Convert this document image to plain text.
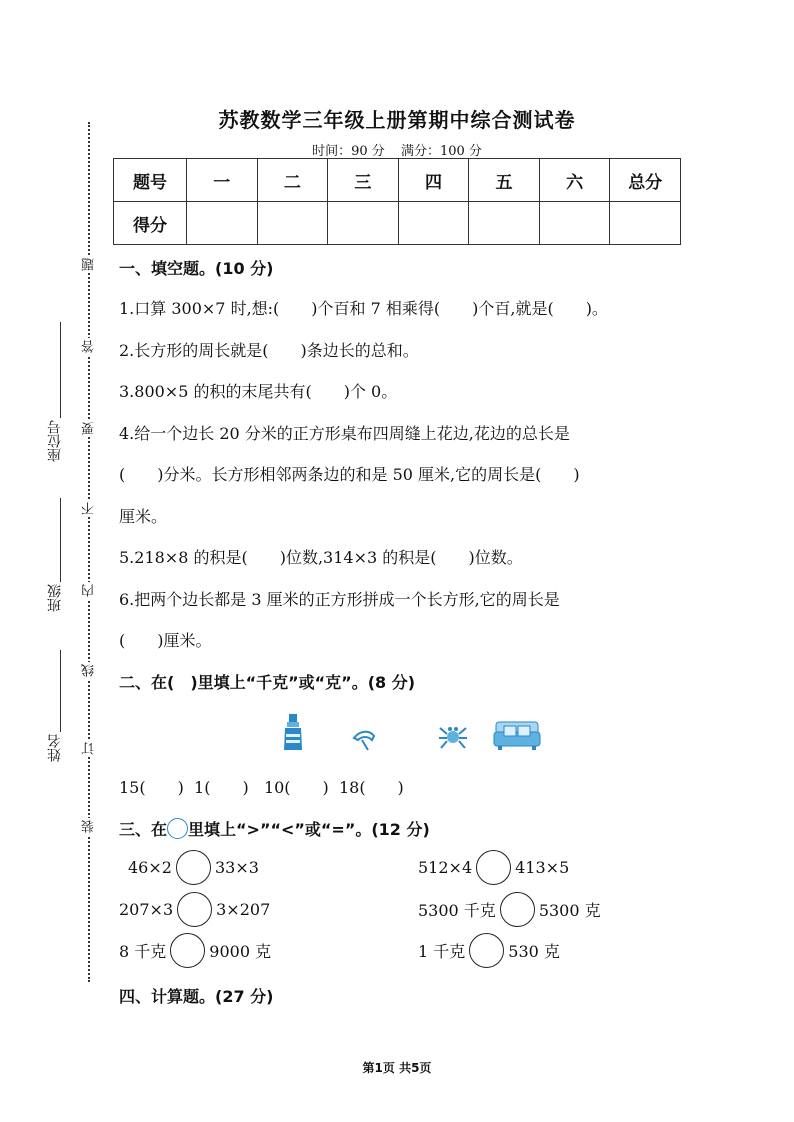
题
答
要
不
内
线
订
装
座位号
班级
姓名
苏教数学三年级上册第期中综合测试卷
时间：90 分 满分：100 分
题号	一	二	三	四	五	六	总分
得分							
一、填空题。(10 分)
1.口算 300×7 时,想:(　　)个百和 7 相乘得(　　)个百,就是(　　)。
2.长方形的周长就是(　　)条边长的总和。
3.800×5 的积的末尾共有(　　)个 0。
4.给一个边长 20 分米的正方形桌布四周缝上花边,花边的总长是
(　　)分米。长方形相邻两条边的和是 50 厘米,它的周长是(　　)
厘米。
5.218×8 的积是(　　)位数,314×3 的积是(　　)位数。
6.把两个边长都是 3 厘米的正方形拼成一个长方形,它的周长是
(　　)厘米。
二、在(　)里填上“千克”或“克”。(8 分)
15(　　)  1(　　)   10(　　)  18(　　)
三、在 里填上“>”“<”或“=”。(12 分)
46×2	33×3	512×4	413×5
207×3	3×207	5300 千克	5300 克
8 千克	9000 克	1 千克	530 克
四、计算题。(27 分)
第1页 共5页
